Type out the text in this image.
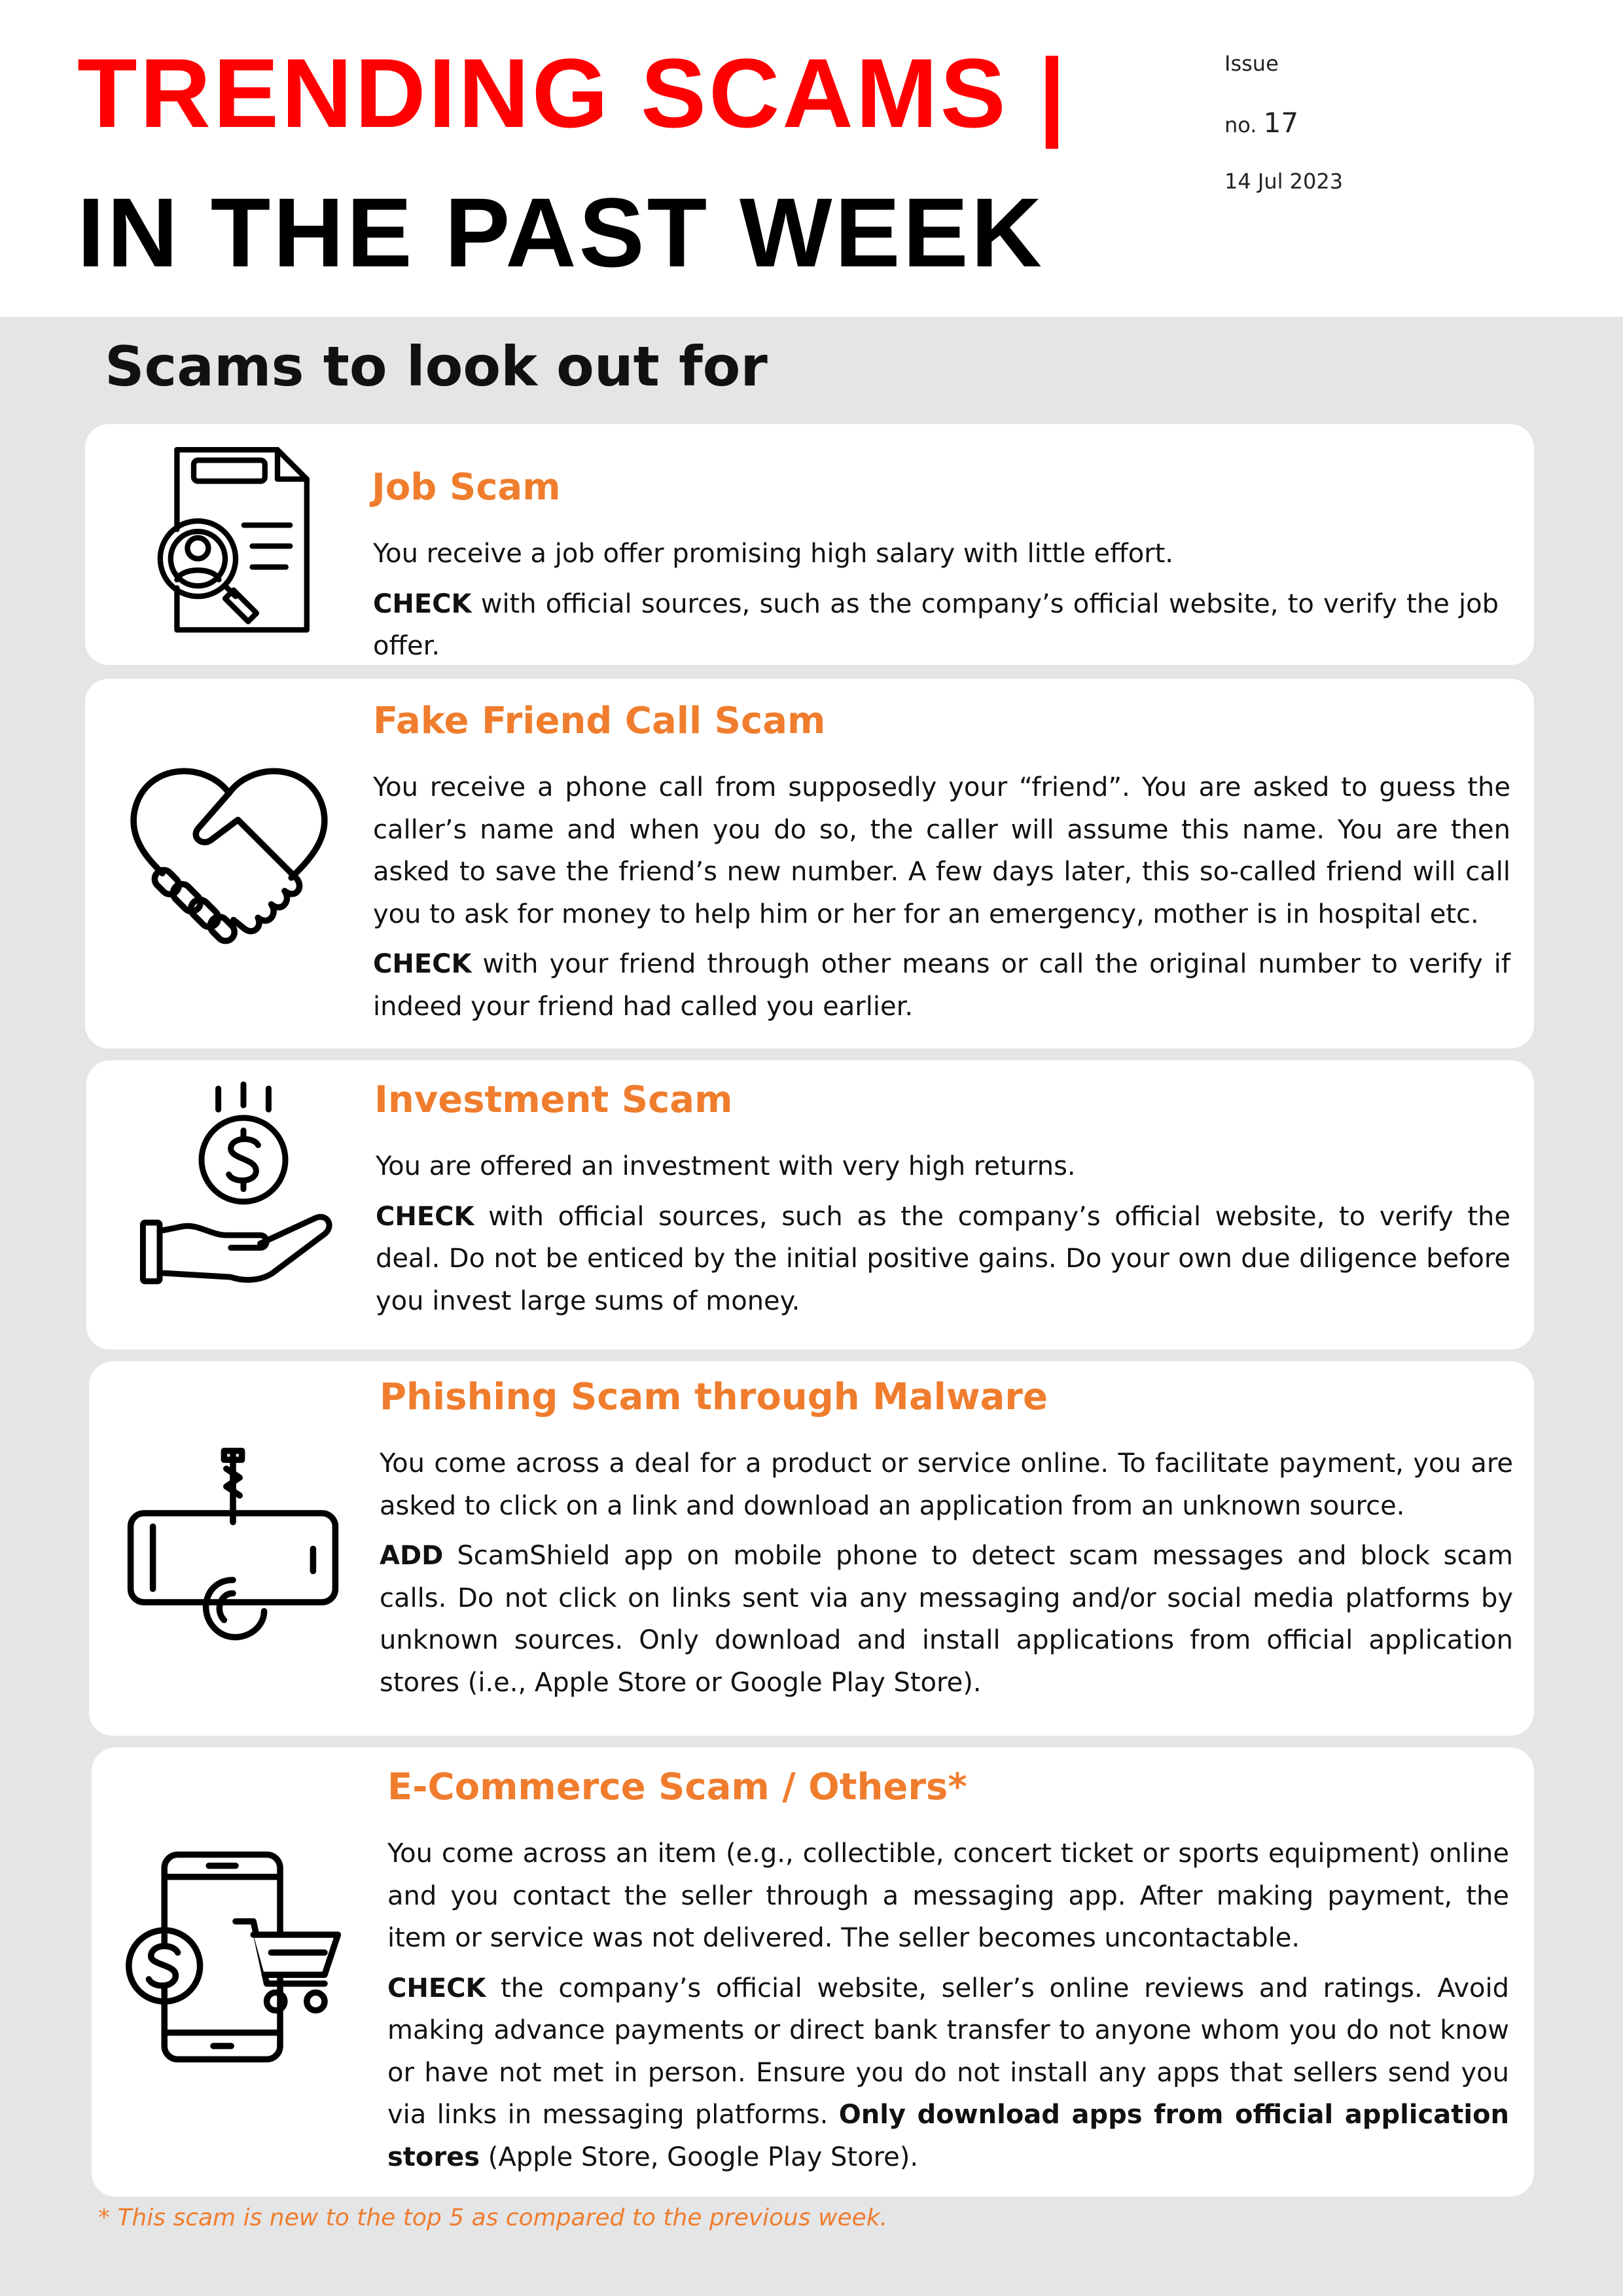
TRENDING SCAMS |
IN THE PAST WEEK
Issue
no. 17
14 Jul 2023
Scams to look out for
Job Scam

You receive a job offer promising high salary with little effort.

CHECK with official sources, such as the company’s official website, to verify the job offer.

Fake Friend Call Scam

You receive a phone call from supposedly your “friend”. You are asked to guess the caller’s name and when you do so, the caller will assume this name. You are then asked to save the friend’s new number. A few days later, this so-called friend will call you to ask for money to help him or her for an emergency, mother is in hospital etc.

CHECK with your friend through other means or call the original number to verify if indeed your friend had called you earlier.

Investment Scam

You are offered an investment with very high returns.

CHECK with official sources, such as the company’s official website, to verify the deal. Do not be enticed by the initial positive gains. Do your own due diligence before you invest large sums of money.

Phishing Scam through Malware

You come across a deal for a product or service online. To facilitate payment, you are asked to click on a link and download an application from an unknown source.

ADD ScamShield app on mobile phone to detect scam messages and block scam calls. Do not click on links sent via any messaging and/or social media platforms by unknown sources. Only download and install applications from official application stores (i.e., Apple Store or Google Play Store).

E-Commerce Scam / Others*

You come across an item (e.g., collectible, concert ticket or sports equipment) online and you contact the seller through a messaging app. After making payment, the item or service was not delivered. The seller becomes uncontactable.

CHECK the company’s official website, seller’s online reviews and ratings. Avoid making advance payments or direct bank transfer to anyone whom you do not know or have not met in person. Ensure you do not install any apps that sellers send you via links in messaging platforms. Only download apps from official application stores (Apple Store, Google Play Store).

* This scam is new to the top 5 as compared to the previous week.
